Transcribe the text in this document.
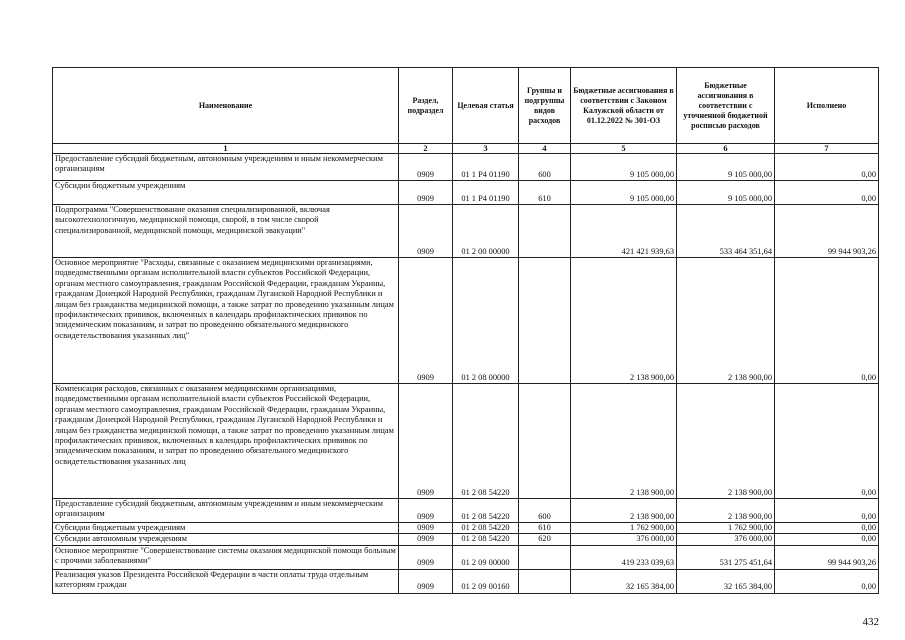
Наименование	Раздел, подраздел	Целевая статья	Группы и подгруппы видов расходов	Бюджетные ассигнования в соответствии с Законом Калужской области от 01.12.2022 № 301-ОЗ	Бюджетные ассигнования в соответствии с уточненной бюджетной росписью расходов	Исполнено
1	2	3	4	5	6	7
Предоставление субсидий бюджетным, автономным учреждениям и иным некоммерческим организациям	0909	01 1 P4 01190	600	9 105 000,00	9 105 000,00	0,00
Субсидии бюджетным учреждениям	0909	01 1 P4 01190	610	9 105 000,00	9 105 000,00	0,00
Подпрограмма "Совершенствование оказания специализированной, включая высокотехнологичную, медицинской помощи, скорой, в том числе скорой специализированной, медицинской помощи, медицинской эвакуации"	0909	01 2 00 00000		421 421 939,63	533 464 351,64	99 944 903,26
Основное мероприятие "Расходы, связанные с оказанием медицинскими организациями, подведомственными органам исполнительной власти субъектов Российской Федерации, органам местного самоуправления, гражданам Российской Федерации, гражданам Украины, гражданам Донецкой Народной Республики, гражданам Луганской Народной Республики и лицам без гражданства медицинской помощи, а также затрат по проведению указанным лицам профилактических прививок, включенных в календарь профилактических прививок по эпидемическим показаниям, и затрат по проведению обязательного медицинского освидетельствования указанных лиц"	0909	01 2 08 00000		2 138 900,00	2 138 900,00	0,00
Компенсация расходов, связанных с оказанием медицинскими организациями, подведомственными органам исполнительной власти субъектов Российской Федерации, органам местного самоуправления, гражданам Российской Федерации, гражданам Украины, гражданам Донецкой Народной Республики, гражданам Луганской Народной Республики и лицам без гражданства медицинской помощи, а также затрат по проведению указанным лицам профилактических прививок, включенных в календарь профилактических прививок по эпидемическим показаниям, и затрат по проведению обязательного медицинского освидетельствования указанных лиц	0909	01 2 08 54220		2 138 900,00	2 138 900,00	0,00
Предоставление субсидий бюджетным, автономным учреждениям и иным некоммерческим организациям	0909	01 2 08 54220	600	2 138 900,00	2 138 900,00	0,00
Субсидии бюджетным учреждениям	0909	01 2 08 54220	610	1 762 900,00	1 762 900,00	0,00
Субсидии автономным учреждениям	0909	01 2 08 54220	620	376 000,00	376 000,00	0,00
Основное мероприятие "Совершенствование системы оказания медицинской помощи больным с прочими заболеваниями"	0909	01 2 09 00000		419 233 039,63	531 275 451,64	99 944 903,26
Реализация указов Президента Российской Федерации в части оплаты труда отдельным категориям граждан	0909	01 2 09 00160		32 165 384,00	32 165 384,00	0,00
432
